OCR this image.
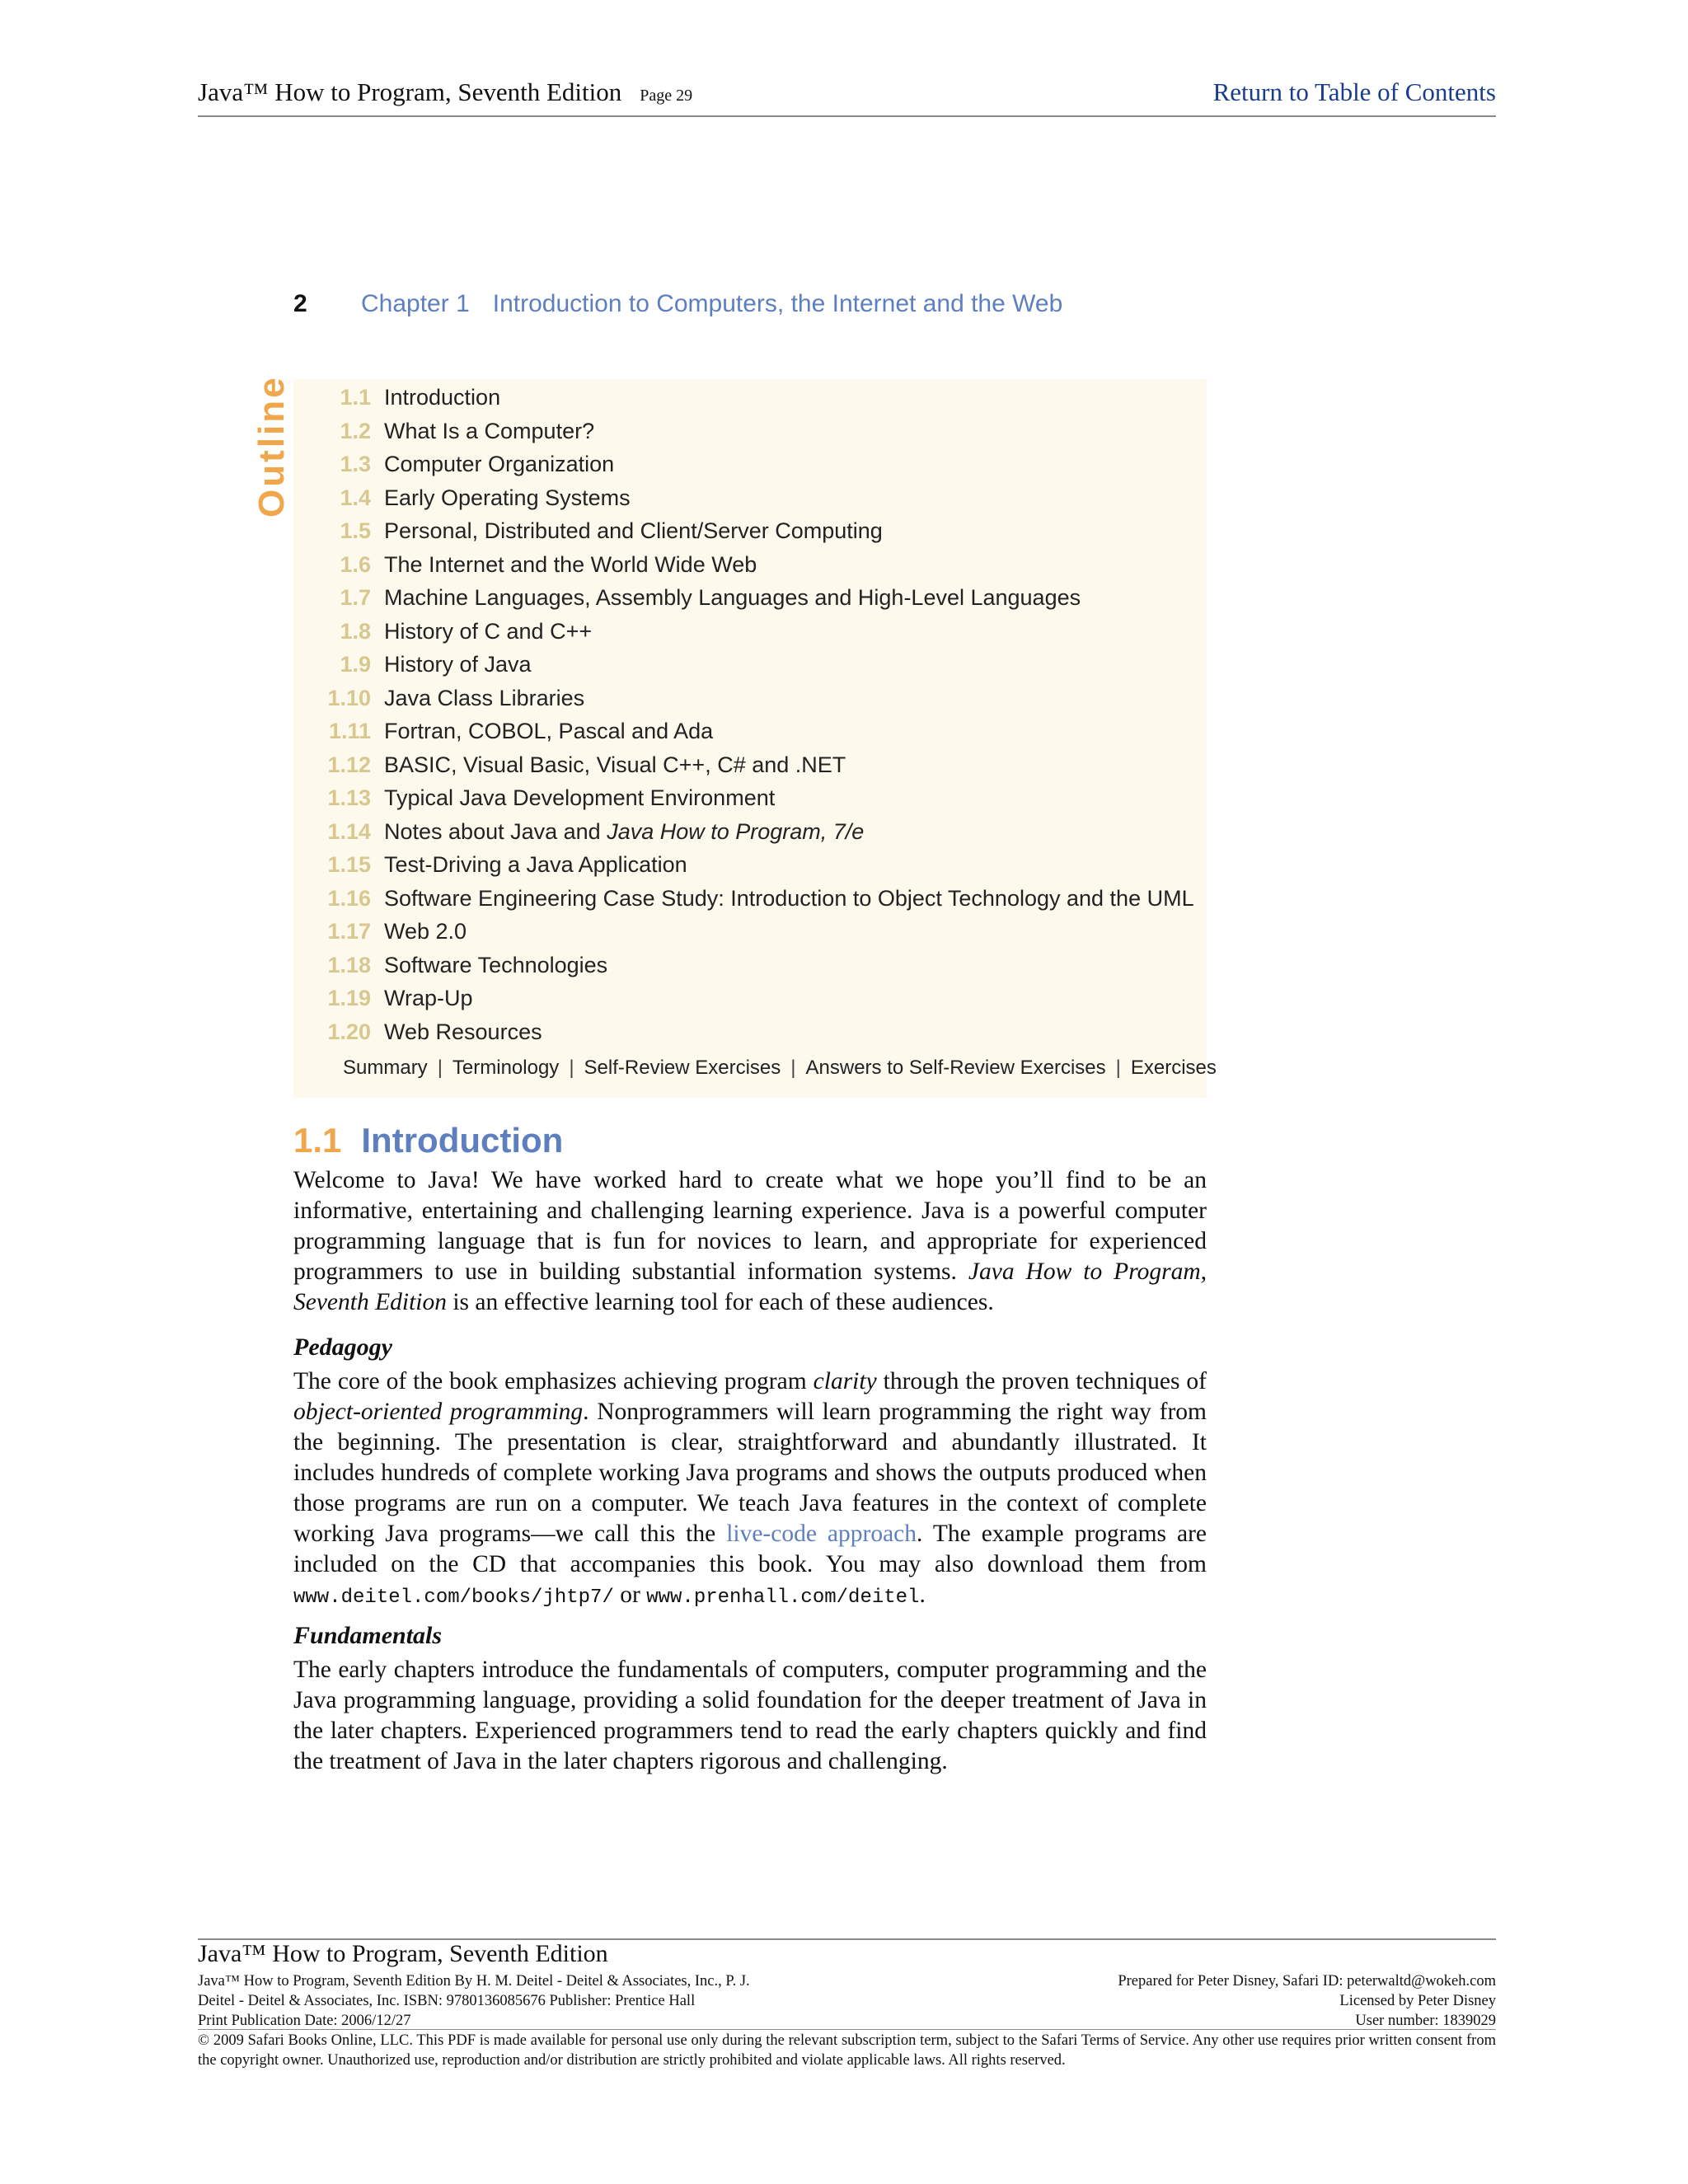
Java™ How to Program, Seventh Edition Page 29	Return to Table of Contents
2 Chapter 1 Introduction to Computers, the Internet and the Web
Outline	1.1 Introduction
1.2 What Is a Computer?
1.3 Computer Organization
1.4 Early Operating Systems
1.5 Personal, Distributed and Client/Server Computing
1.6 The Internet and the World Wide Web
1.7 Machine Languages, Assembly Languages and High-Level Languages
1.8 History of C and C++
1.9 History of Java
1.10 Java Class Libraries
1.11 Fortran, COBOL, Pascal and Ada
1.12 BASIC, Visual Basic, Visual C++, C# and .NET
1.13 Typical Java Development Environment
1.14 Notes about Java and Java How to Program, 7/e
1.15 Test-Driving a Java Application
1.16 Software Engineering Case Study: Introduction to Object Technology and the UML
1.17 Web 2.0
1.18 Software Technologies
1.19 Wrap-Up
1.20 Web Resources
Summary | Terminology | Self-Review Exercises | Answers to Self-Review Exercises | Exercises
1.1 Introduction
Welcome to Java! We have worked hard to create what we hope you’ll find to be an informative, entertaining and challenging learning experience. Java is a powerful computer programming language that is fun for novices to learn, and appropriate for experienced programmers to use in building substantial information systems. Java How to Program, Seventh Edition is an effective learning tool for each of these audiences.
Pedagogy
The core of the book emphasizes achieving program clarity through the proven techniques of object-oriented programming. Nonprogrammers will learn programming the right way from the beginning. The presentation is clear, straightforward and abundantly illustrated. It includes hundreds of complete working Java programs and shows the outputs produced when those programs are run on a computer. We teach Java features in the context of complete working Java programs—we call this the live-code approach. The example programs are included on the CD that accompanies this book. You may also download them from www.deitel.com/books/jhtp7/ or www.prenhall.com/deitel.
Fundamentals
The early chapters introduce the fundamentals of computers, computer programming and the Java programming language, providing a solid foundation for the deeper treatment of Java in the later chapters. Experienced programmers tend to read the early chapters quickly and find the treatment of Java in the later chapters rigorous and challenging.
Java™ How to Program, Seventh Edition
Java™ How to Program, Seventh Edition By H. M. Deitel - Deitel & Associates, Inc., P. J.
Deitel - Deitel & Associates, Inc. ISBN: 9780136085676 Publisher: Prentice Hall
Print Publication Date: 2006/12/27
Prepared for Peter Disney, Safari ID: peterwaltd@wokeh.com
Licensed by Peter Disney
User number: 1839029
© 2009 Safari Books Online, LLC. This PDF is made available for personal use only during the relevant subscription term, subject to the Safari Terms of Service. Any other use requires prior written consent from the copyright owner. Unauthorized use, reproduction and/or distribution are strictly prohibited and violate applicable laws. All rights reserved.
